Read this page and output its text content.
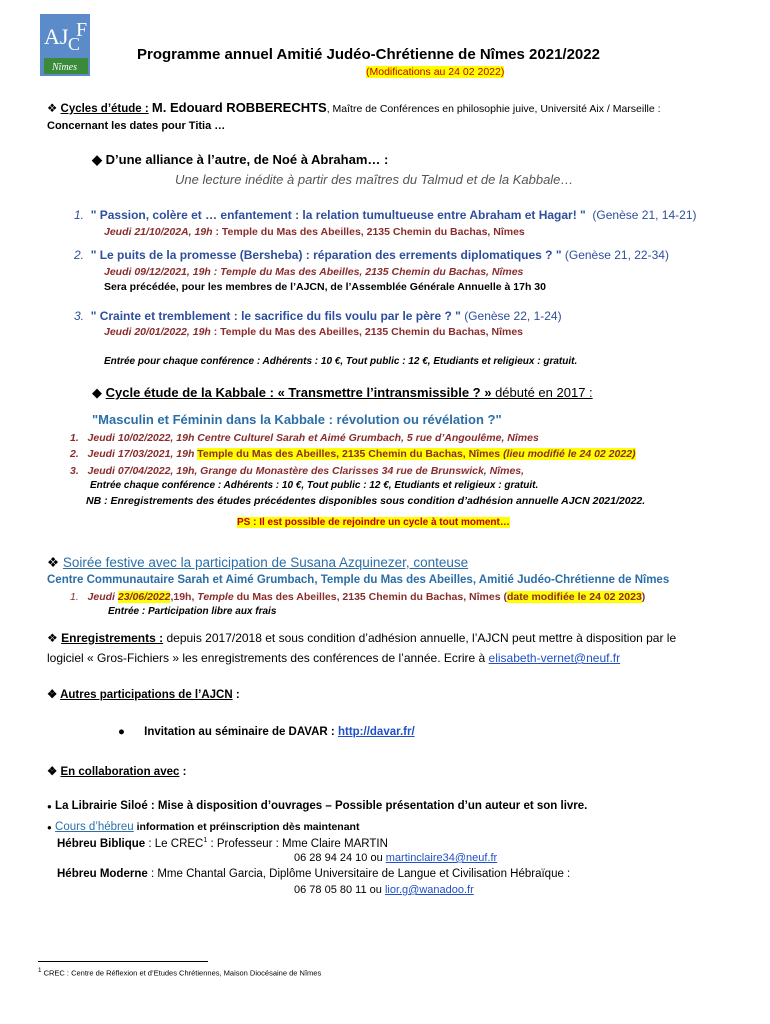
AJ C
F
Nîmes
Programme annuel Amitié Judéo-Chrétienne de Nîmes 2021/2022
(Modifications au 24 02 2022)
❖ Cycles d’étude : M. Edouard ROBBERECHTS, Maître de Conférences en philosophie juive, Université Aix / Marseille :
Concernant les dates pour Titia …
◆ D’une alliance à l’autre, de Noé à Abraham… :
Une lecture inédite à partir des maîtres du Talmud et de la Kabbale…
1. " Passion, colère et … enfantement : la relation tumultueuse entre Abraham et Hagar! " (Genèse 21, 14-21)
Jeudi 21/10/202A, 19h : Temple du Mas des Abeilles, 2135 Chemin du Bachas, Nîmes
2. " Le puits de la promesse (Bersheba) : réparation des errements diplomatiques ? " (Genèse 21, 22-34)
Jeudi 09/12/2021, 19h : Temple du Mas des Abeilles, 2135 Chemin du Bachas, Nîmes
Sera précédée, pour les membres de l’AJCN, de l’Assemblée Générale Annuelle à 17h 30
3. " Crainte et tremblement : le sacrifice du fils voulu par le père ? " (Genèse 22, 1-24)
Jeudi 20/01/2022, 19h : Temple du Mas des Abeilles, 2135 Chemin du Bachas, Nîmes
Entrée pour chaque conférence : Adhérents : 10 €, Tout public : 12 €, Etudiants et religieux : gratuit.
◆ Cycle étude de la Kabbale : « Transmettre l’intransmissible ? » débuté en 2017 :
"Masculin et Féminin dans la Kabbale : révolution ou révélation ?"
1. Jeudi 10/02/2022, 19h Centre Culturel Sarah et Aimé Grumbach, 5 rue d’Angoulême, Nîmes
2. Jeudi 17/03/2021, 19h Temple du Mas des Abeilles, 2135 Chemin du Bachas, Nîmes (lieu modifié le 24 02 2022)
3. Jeudi 07/04/2022, 19h, Grange du Monastère des Clarisses 34 rue de Brunswick, Nîmes,
Entrée chaque conférence : Adhérents : 10 €, Tout public : 12 €, Etudiants et religieux : gratuit.
NB : Enregistrements des études précédentes disponibles sous condition d’adhésion annuelle AJCN 2021/2022.
PS : Il est possible de rejoindre un cycle à tout moment…
❖ Soirée festive avec la participation de Susana Azquinezer, conteuse
Centre Communautaire Sarah et Aimé Grumbach, Temple du Mas des Abeilles, Amitié Judéo-Chrétienne de Nîmes
1. Jeudi 23/06/2022,19h, Temple du Mas des Abeilles, 2135 Chemin du Bachas, Nîmes (date modifiée le 24 02 2023)
Entrée : Participation libre aux frais
❖ Enregistrements : depuis 2017/2018 et sous condition d’adhésion annuelle, l’AJCN peut mettre à disposition par le
logiciel « Gros-Fichiers » les enregistrements des conférences de l’année. Ecrire à elisabeth-vernet@neuf.fr
❖ Autres participations de l’AJCN :
● Invitation au séminaire de DAVAR : http://davar.fr/
❖ En collaboration avec :
● La Librairie Siloé : Mise à disposition d’ouvrages – Possible présentation d’un auteur et son livre.
● Cours d’hébreu information et préinscription dès maintenant
Hébreu Biblique : Le CREC$^1$ : Professeur : Mme Claire MARTIN
06 28 94 24 10 ou martinclaire34@neuf.fr
Hébreu Moderne : Mme Chantal Garcia, Diplôme Universitaire de Langue et Civilisation Hébraïque :
06 78 05 80 11 ou lior.g@wanadoo.fr
$^1$ CREC : Centre de Réflexion et d’Etudes Chrétiennes, Maison Diocésaine de Nîmes
